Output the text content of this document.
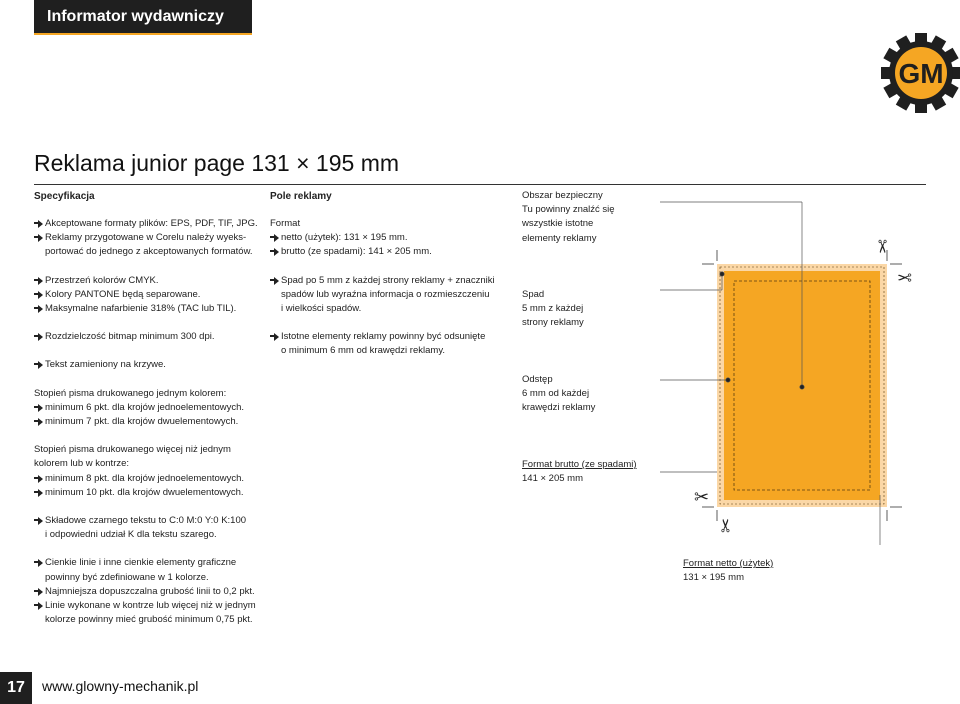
Informator wydawniczy 2015
GM
Reklama junior page 131 × 195 mm
Specyfikacja
Akceptowane formaty plików: EPS, PDF, TIF, JPG.
Reklamy przygotowane w Corelu należy wyeks-
portować do jednego z akceptowanych formatów.
Przestrzeń kolorów CMYK.
Kolory PANTONE będą separowane.
Maksymalne nafarbienie 318% (TAC lub TIL).
Rozdzielczość bitmap minimum 300 dpi.
Tekst zamieniony na krzywe.
Stopień pisma drukowanego jednym kolorem:
minimum 6 pkt. dla krojów jednoelementowych.
minimum 7 pkt. dla krojów dwuelementowych.
Stopień pisma drukowanego więcej niż jednym
kolorem lub w kontrze:
minimum 8 pkt. dla krojów jednoelementowych.
minimum 10 pkt. dla krojów dwuelementowych.
Składowe czarnego tekstu to C:0 M:0 Y:0 K:100
i odpowiedni udział K dla tekstu szarego.
Cienkie linie i inne cienkie elementy graficzne
powinny być zdefiniowane w 1 kolorze.
Najmniejsza dopuszczalna grubość linii to 0,2 pkt.
Linie wykonane w kontrze lub więcej niż w jednym
kolorze powinny mieć grubość minimum 0,75 pkt.
Pole reklamy
Format
netto (użytek): 131 × 195 mm.
brutto (ze spadami): 141 × 205 mm.
Spad po 5 mm z każdej strony reklamy + znaczniki
spadów lub wyraźna informacja o rozmieszczeniu
i wielkości spadów.
Istotne elementy reklamy powinny być odsunięte
o minimum 6 mm od krawędzi reklamy.
Obszar bezpieczny
Tu powinny znalźć się
wszystkie istotne
elementy reklamy
Spad
5 mm z każdej
strony reklamy
Odstęp
6 mm od każdej
krawędzi reklamy
Format brutto (ze spadami)
141 × 205 mm
Format netto (użytek)
131 × 195 mm
✂
✂
✂
✂
17	www.glowny-mechanik.pl
